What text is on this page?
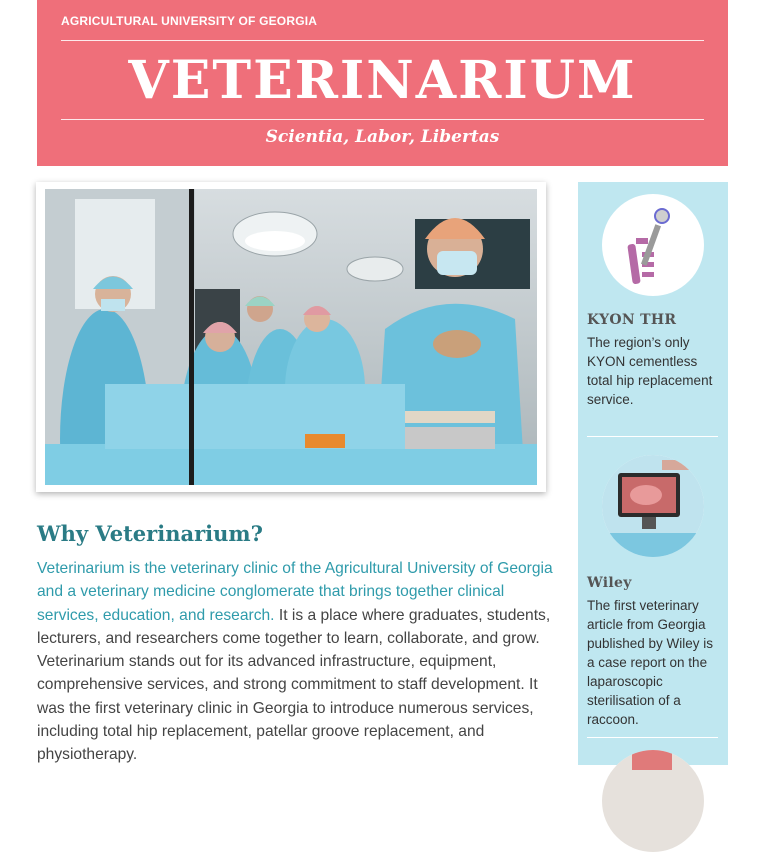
AGRICULTURAL UNIVERSITY OF GEORGIA
VETERINARIUM
Scientia, Labor, Libertas
KYON THR
The region’s only KYON cementless total hip replacement service.
Wiley
The first veterinary article from Georgia published by Wiley is a case report on the laparoscopic sterilisation of a raccoon.
Why Veterinarium?
Veterinarium is the veterinary clinic of the Agricultural University of Georgia and a veterinary medicine conglomerate that brings together clinical services, education, and research. It is a place where graduates, students, lecturers, and researchers come together to learn, collaborate, and grow. Veterinarium stands out for its advanced infrastructure, equipment, comprehensive services, and strong commitment to staff development. It was the first veterinary clinic in Georgia to introduce numerous services, including total hip replacement, patellar groove replacement, and physiotherapy.
